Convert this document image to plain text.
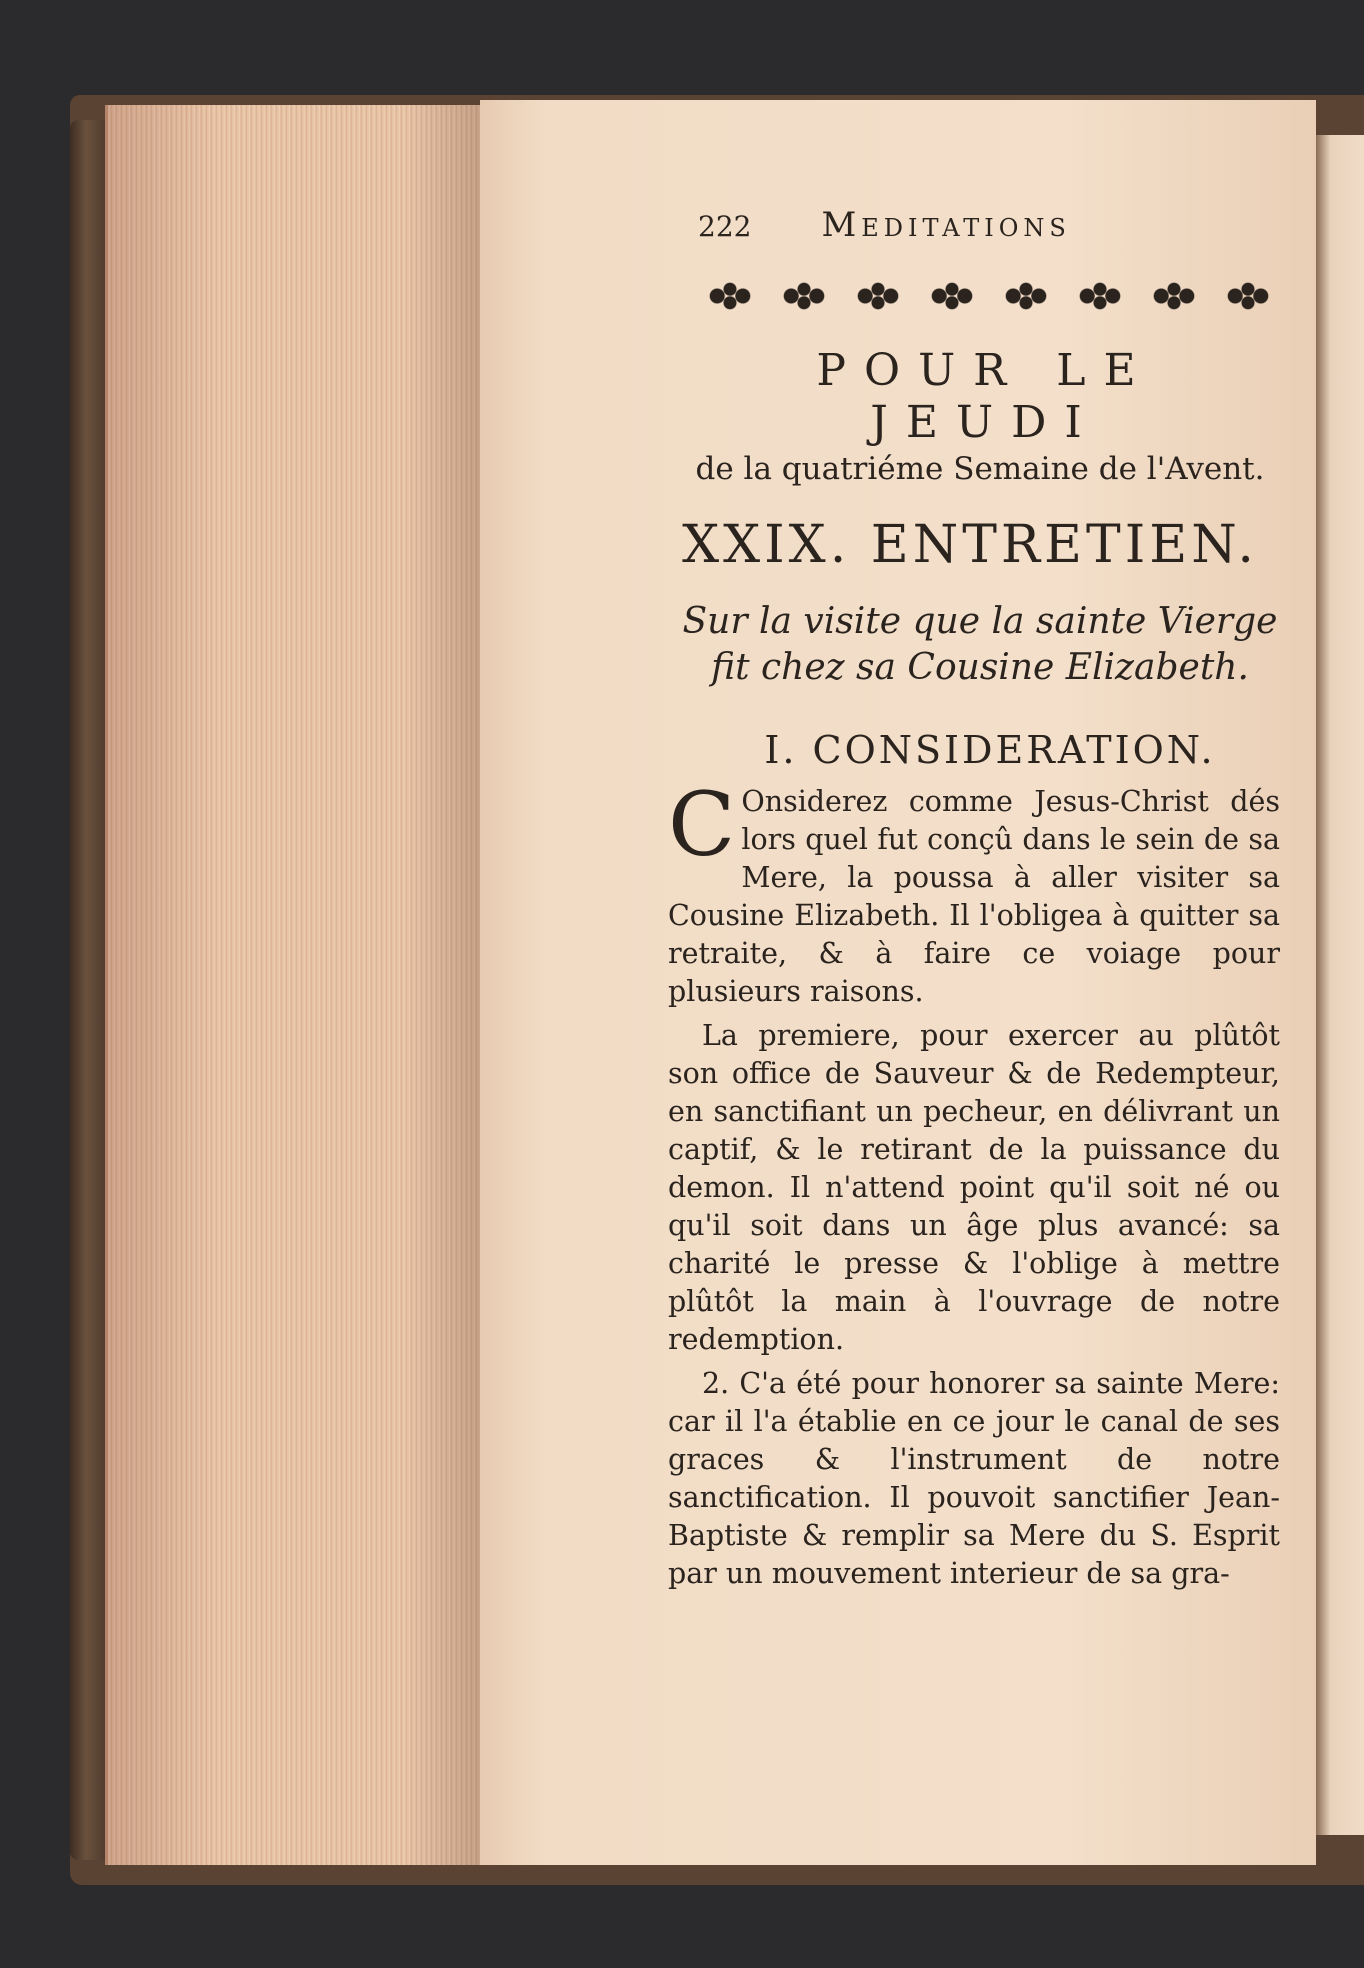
222 Meditations
POUR LE JEUDI
de la quatriéme Semaine de l'Avent.
XXIX. ENTRETIEN.
Sur la visite que la sainte Vierge fit chez sa Cousine Elizabeth.
I. CONSIDERATION.
C Onsiderez comme Jesus-Christ dés lors quel fut conçû dans le sein de sa Mere, la poussa à aller visiter sa Cousine Elizabeth. Il l'obligea à quitter sa retraite, & à faire ce voiage pour plusieurs raisons.
La premiere, pour exercer au plûtôt son office de Sauveur & de Redempteur, en sanctifiant un pecheur, en délivrant un captif, & le retirant de la puissance du demon. Il n'attend point qu'il soit né ou qu'il soit dans un âge plus avancé: sa charité le presse & l'oblige à mettre plûtôt la main à l'ouvrage de notre redemption.
2. C'a été pour honorer sa sainte Mere: car il l'a établie en ce jour le canal de ses graces & l'instrument de notre sanctification. Il pouvoit sanctifier Jean-Baptiste & remplir sa Mere du S. Esprit par un mouvement interieur de sa gra-
